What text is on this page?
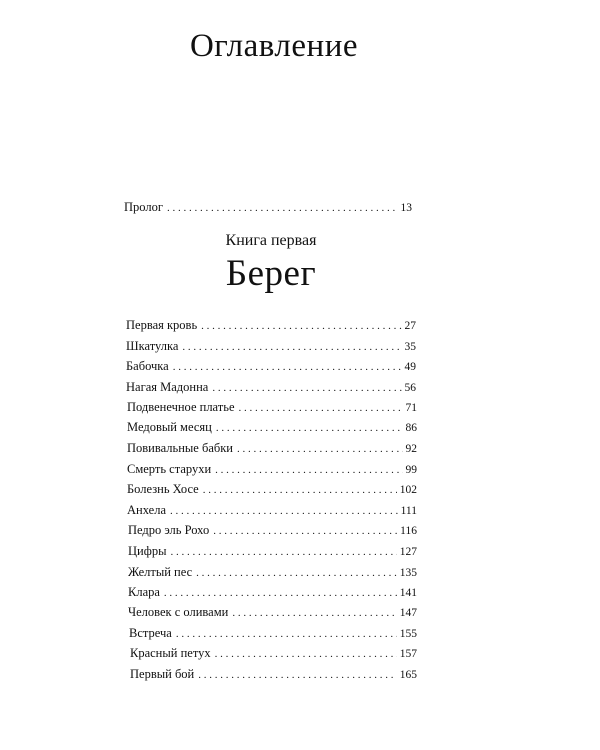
Оглавление
Пролог . . .	13
Книга первая
Берег
Первая кровь . . .	27
Шкатулка . . .	35
Бабочка . . .	49
Нагая Мадонна . . .	56
Подвенечное платье . . .	71
Медовый месяц . . .	86
Повивальные бабки . . .	92
Смерть старухи . . .	99
Болезнь Хосе . . .	102
Анхела . . .	111
Педро эль Рохо . . .	116
Цифры . . .	127
Желтый пес . . .	135
Клара . . .	141
Человек с оливами . . .	147
Встреча . . .	155
Красный петух . . .	157
Первый бой . . .	165
